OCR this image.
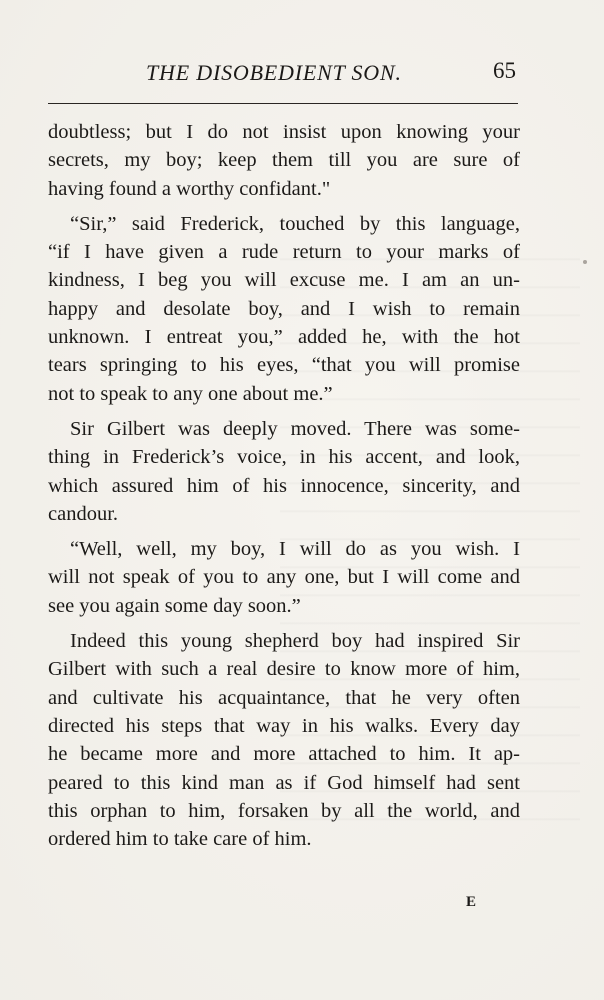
THE DISOBEDIENT SON.	65
doubtless; but I do not insist upon knowing your
secrets, my boy; keep them till you are sure of
having found a worthy confidant."
“Sir,” said Frederick, touched by this language,
“if I have given a rude return to your marks of
kindness, I beg you will excuse me. I am an un-
happy and desolate boy, and I wish to remain
unknown. I entreat you,” added he, with the hot
tears springing to his eyes, “that you will promise
not to speak to any one about me.”
Sir Gilbert was deeply moved. There was some-
thing in Frederick’s voice, in his accent, and look,
which assured him of his innocence, sincerity, and
candour.
“Well, well, my boy, I will do as you wish. I
will not speak of you to any one, but I will come and
see you again some day soon.”
Indeed this young shepherd boy had inspired Sir
Gilbert with such a real desire to know more of him,
and cultivate his acquaintance, that he very often
directed his steps that way in his walks. Every day
he became more and more attached to him. It ap-
peared to this kind man as if God himself had sent
this orphan to him, forsaken by all the world, and
ordered him to take care of him.
E
